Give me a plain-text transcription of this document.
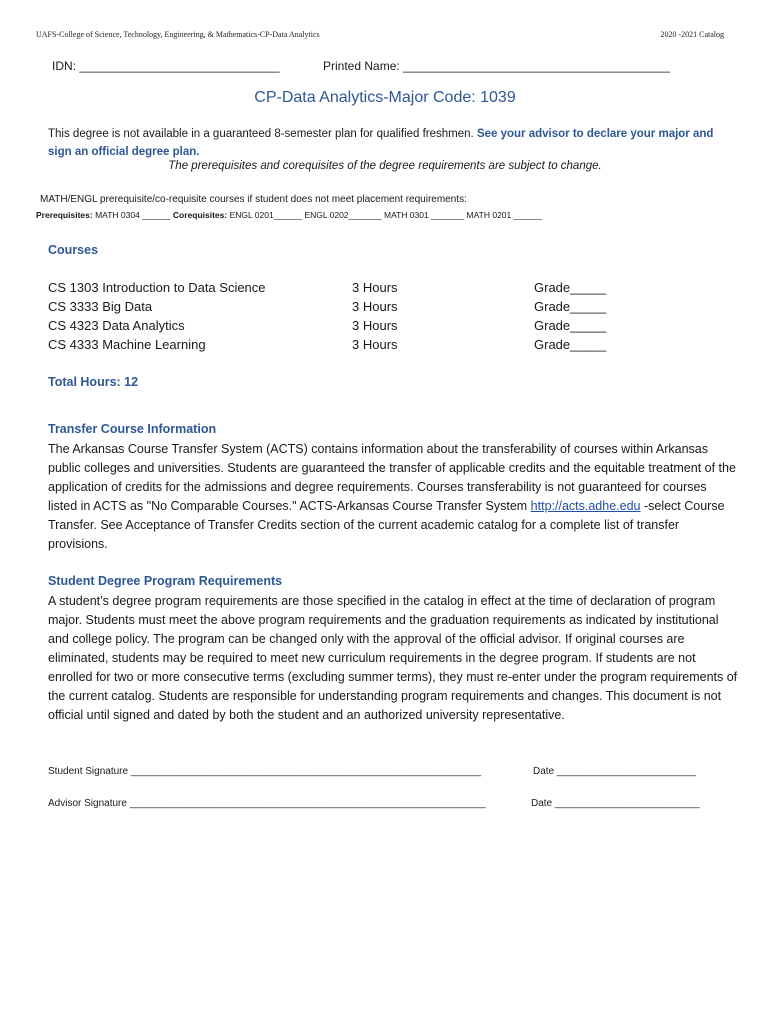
UAFS-College of Science, Technology, Engineering, & Mathematics-CP-Data Analytics	2020 -2021 Catalog
IDN: ______________________________	Printed Name: ________________________________________
CP-Data Analytics-Major Code: 1039
This degree is not available in a guaranteed 8-semester plan for qualified freshmen. See your advisor to declare your major and sign an official degree plan.
The prerequisites and corequisites of the degree requirements are subject to change.
MATH/ENGL prerequisite/co-requisite courses if student does not meet placement requirements:
Prerequisites: MATH 0304 ______ Corequisites: ENGL 0201______ ENGL 0202_______ MATH 0301 _______ MATH 0201 ______
Courses
CS 1303 Introduction to Data Science	3 Hours	Grade_____
CS 3333 Big Data	3 Hours	Grade_____
CS 4323 Data Analytics	3 Hours	Grade_____
CS 4333 Machine Learning	3 Hours	Grade_____
Total Hours: 12
Transfer Course Information
The Arkansas Course Transfer System (ACTS) contains information about the transferability of courses within Arkansas public colleges and universities. Students are guaranteed the transfer of applicable credits and the equitable treatment of the application of credits for the admissions and degree requirements. Courses transferability is not guaranteed for courses listed in ACTS as "No Comparable Courses." ACTS-Arkansas Course Transfer System http://acts.adhe.edu -select Course Transfer. See Acceptance of Transfer Credits section of the current academic catalog for a complete list of transfer provisions.
Student Degree Program Requirements
A student’s degree program requirements are those specified in the catalog in effect at the time of declaration of program major. Students must meet the above program requirements and the graduation requirements as indicated by institutional and college policy. The program can be changed only with the approval of the official advisor. If original courses are eliminated, students may be required to meet new curriculum requirements in the degree program. If students are not enrolled for two or more consecutive terms (excluding summer terms), they must re-enter under the program requirements of the current catalog. Students are responsible for understanding program requirements and changes. This document is not official until signed and dated by both the student and an authorized university representative.
Student Signature _______________________________________________________________	Date _________________________
Advisor Signature ________________________________________________________________	Date __________________________
